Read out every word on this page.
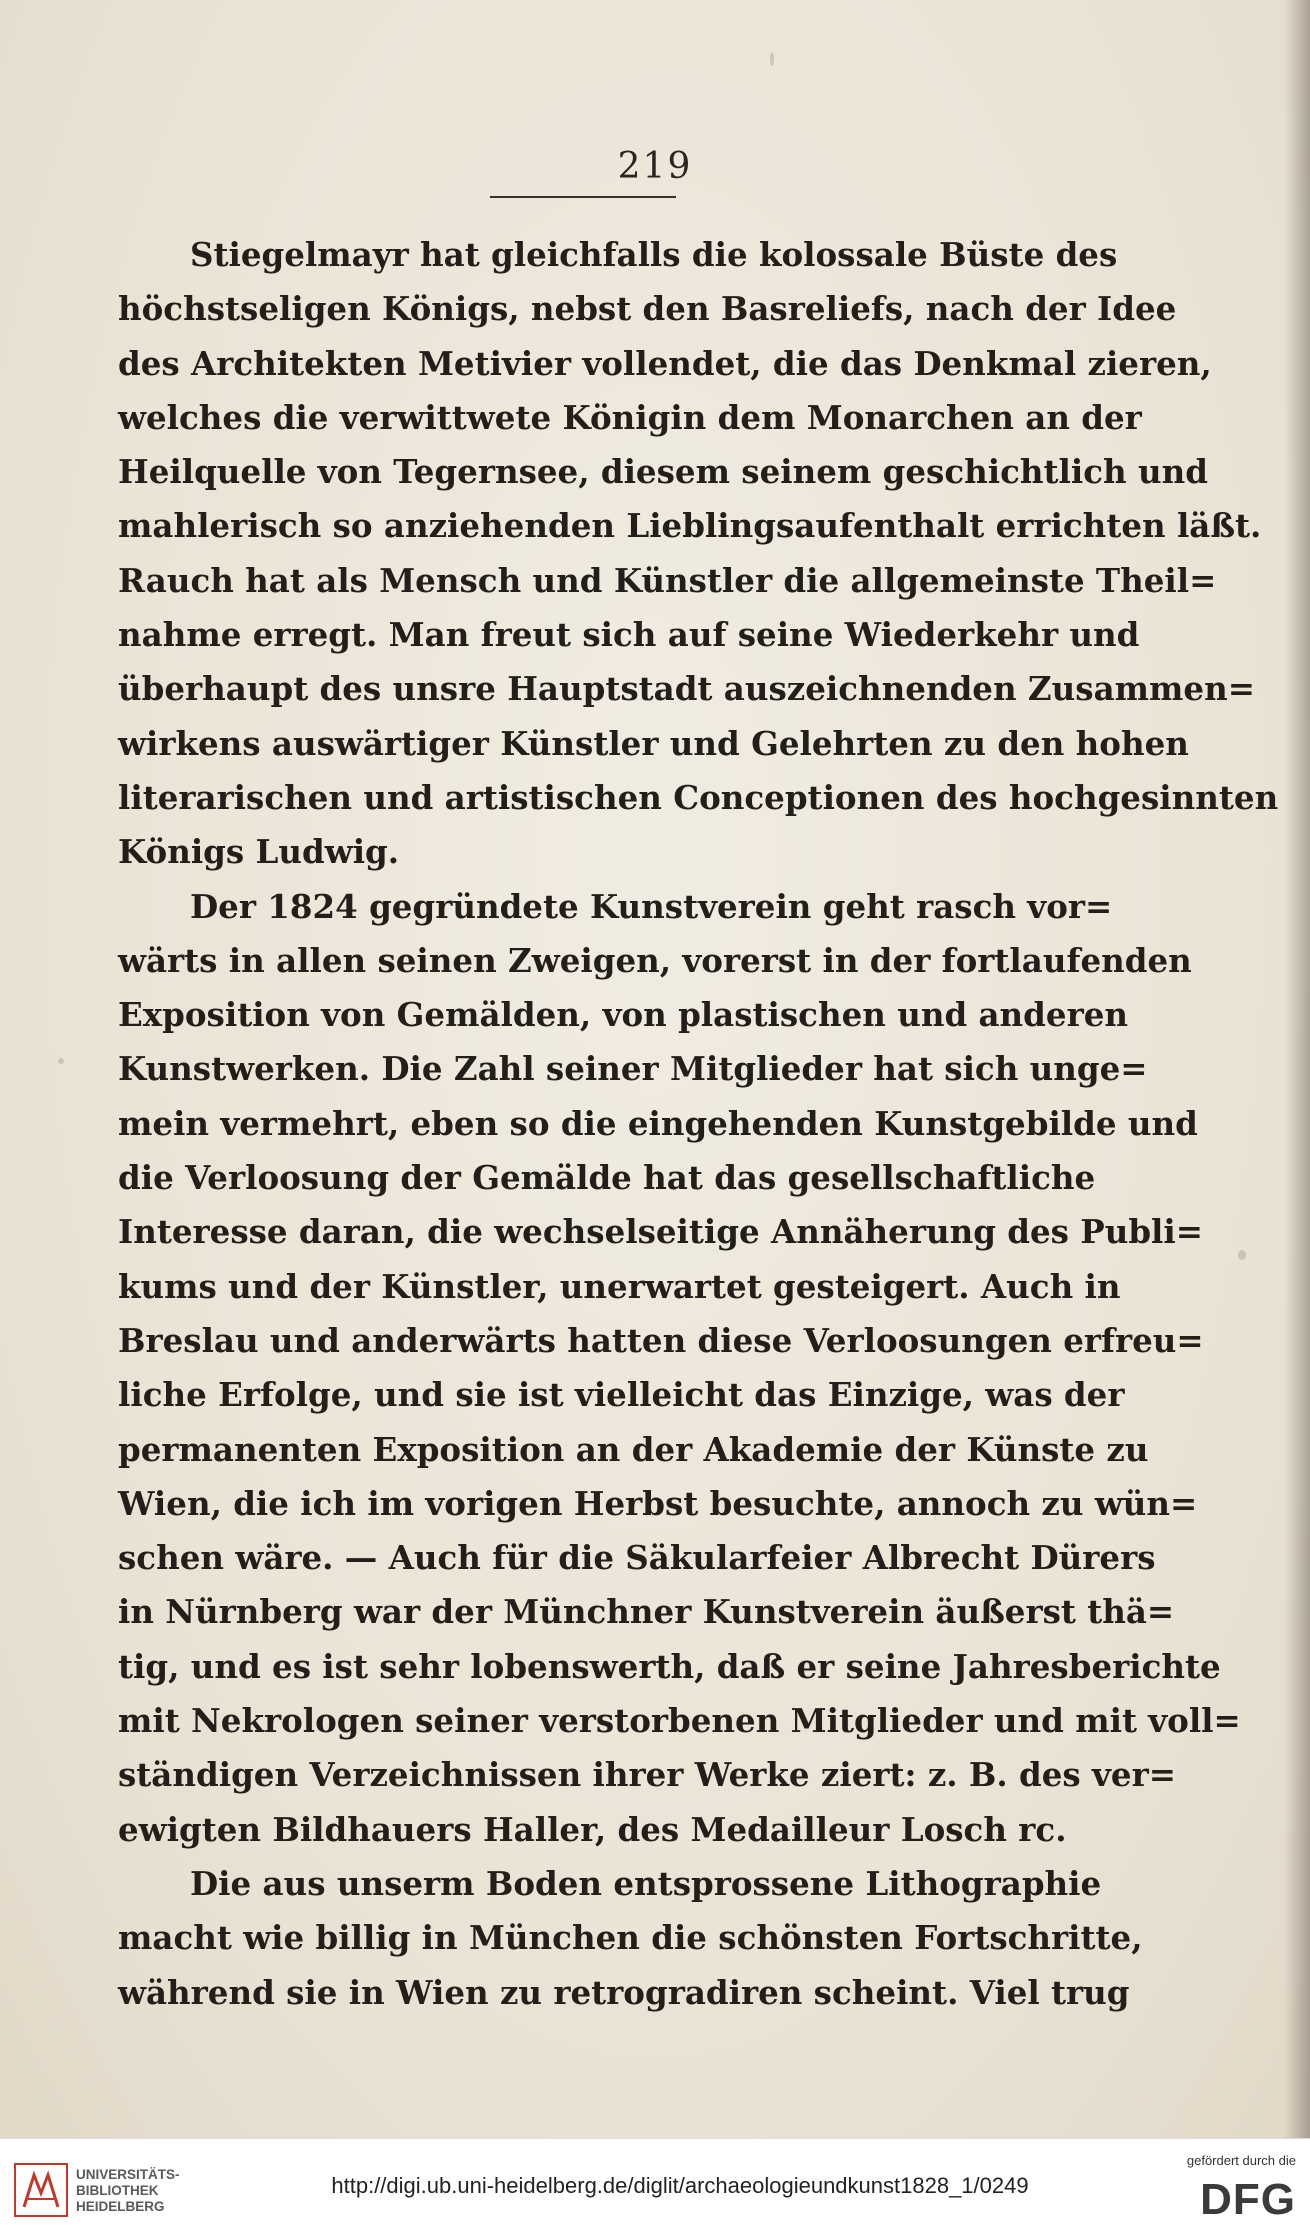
219
Stiegelmayr hat gleichfalls die kolossale Büste des
höchstseligen Königs, nebst den Basreliefs, nach der Idee
des Architekten Metivier vollendet, die das Denkmal zieren,
welches die verwittwete Königin dem Monarchen an der
Heilquelle von Tegernsee, diesem seinem geschichtlich und
mahlerisch so anziehenden Lieblingsaufenthalt errichten läßt.
Rauch hat als Mensch und Künstler die allgemeinste Theil=
nahme erregt. Man freut sich auf seine Wiederkehr und
überhaupt des unsre Hauptstadt auszeichnenden Zusammen=
wirkens auswärtiger Künstler und Gelehrten zu den hohen
literarischen und artistischen Conceptionen des hochgesinnten
Königs Ludwig.
Der 1824 gegründete Kunstverein geht rasch vor=
wärts in allen seinen Zweigen, vorerst in der fortlaufenden
Exposition von Gemälden, von plastischen und anderen
Kunstwerken. Die Zahl seiner Mitglieder hat sich unge=
mein vermehrt, eben so die eingehenden Kunstgebilde und
die Verloosung der Gemälde hat das gesellschaftliche
Interesse daran, die wechselseitige Annäherung des Publi=
kums und der Künstler, unerwartet gesteigert. Auch in
Breslau und anderwärts hatten diese Verloosungen erfreu=
liche Erfolge, und sie ist vielleicht das Einzige, was der
permanenten Exposition an der Akademie der Künste zu
Wien, die ich im vorigen Herbst besuchte, annoch zu wün=
schen wäre. — Auch für die Säkularfeier Albrecht Dürers
in Nürnberg war der Münchner Kunstverein äußerst thä=
tig, und es ist sehr lobenswerth, daß er seine Jahresberichte
mit Nekrologen seiner verstorbenen Mitglieder und mit voll=
ständigen Verzeichnissen ihrer Werke ziert: z. B. des ver=
ewigten Bildhauers Haller, des Medailleur Losch rc.
Die aus unserm Boden entsprossene Lithographie
macht wie billig in München die schönsten Fortschritte,
während sie in Wien zu retrogradiren scheint. Viel trug
UNIVERSITÄTS-
BIBLIOTHEK
HEIDELBERG
http://digi.ub.uni-heidelberg.de/diglit/archaeologieundkunst1828_1/0249
gefördert durch die
DFG
